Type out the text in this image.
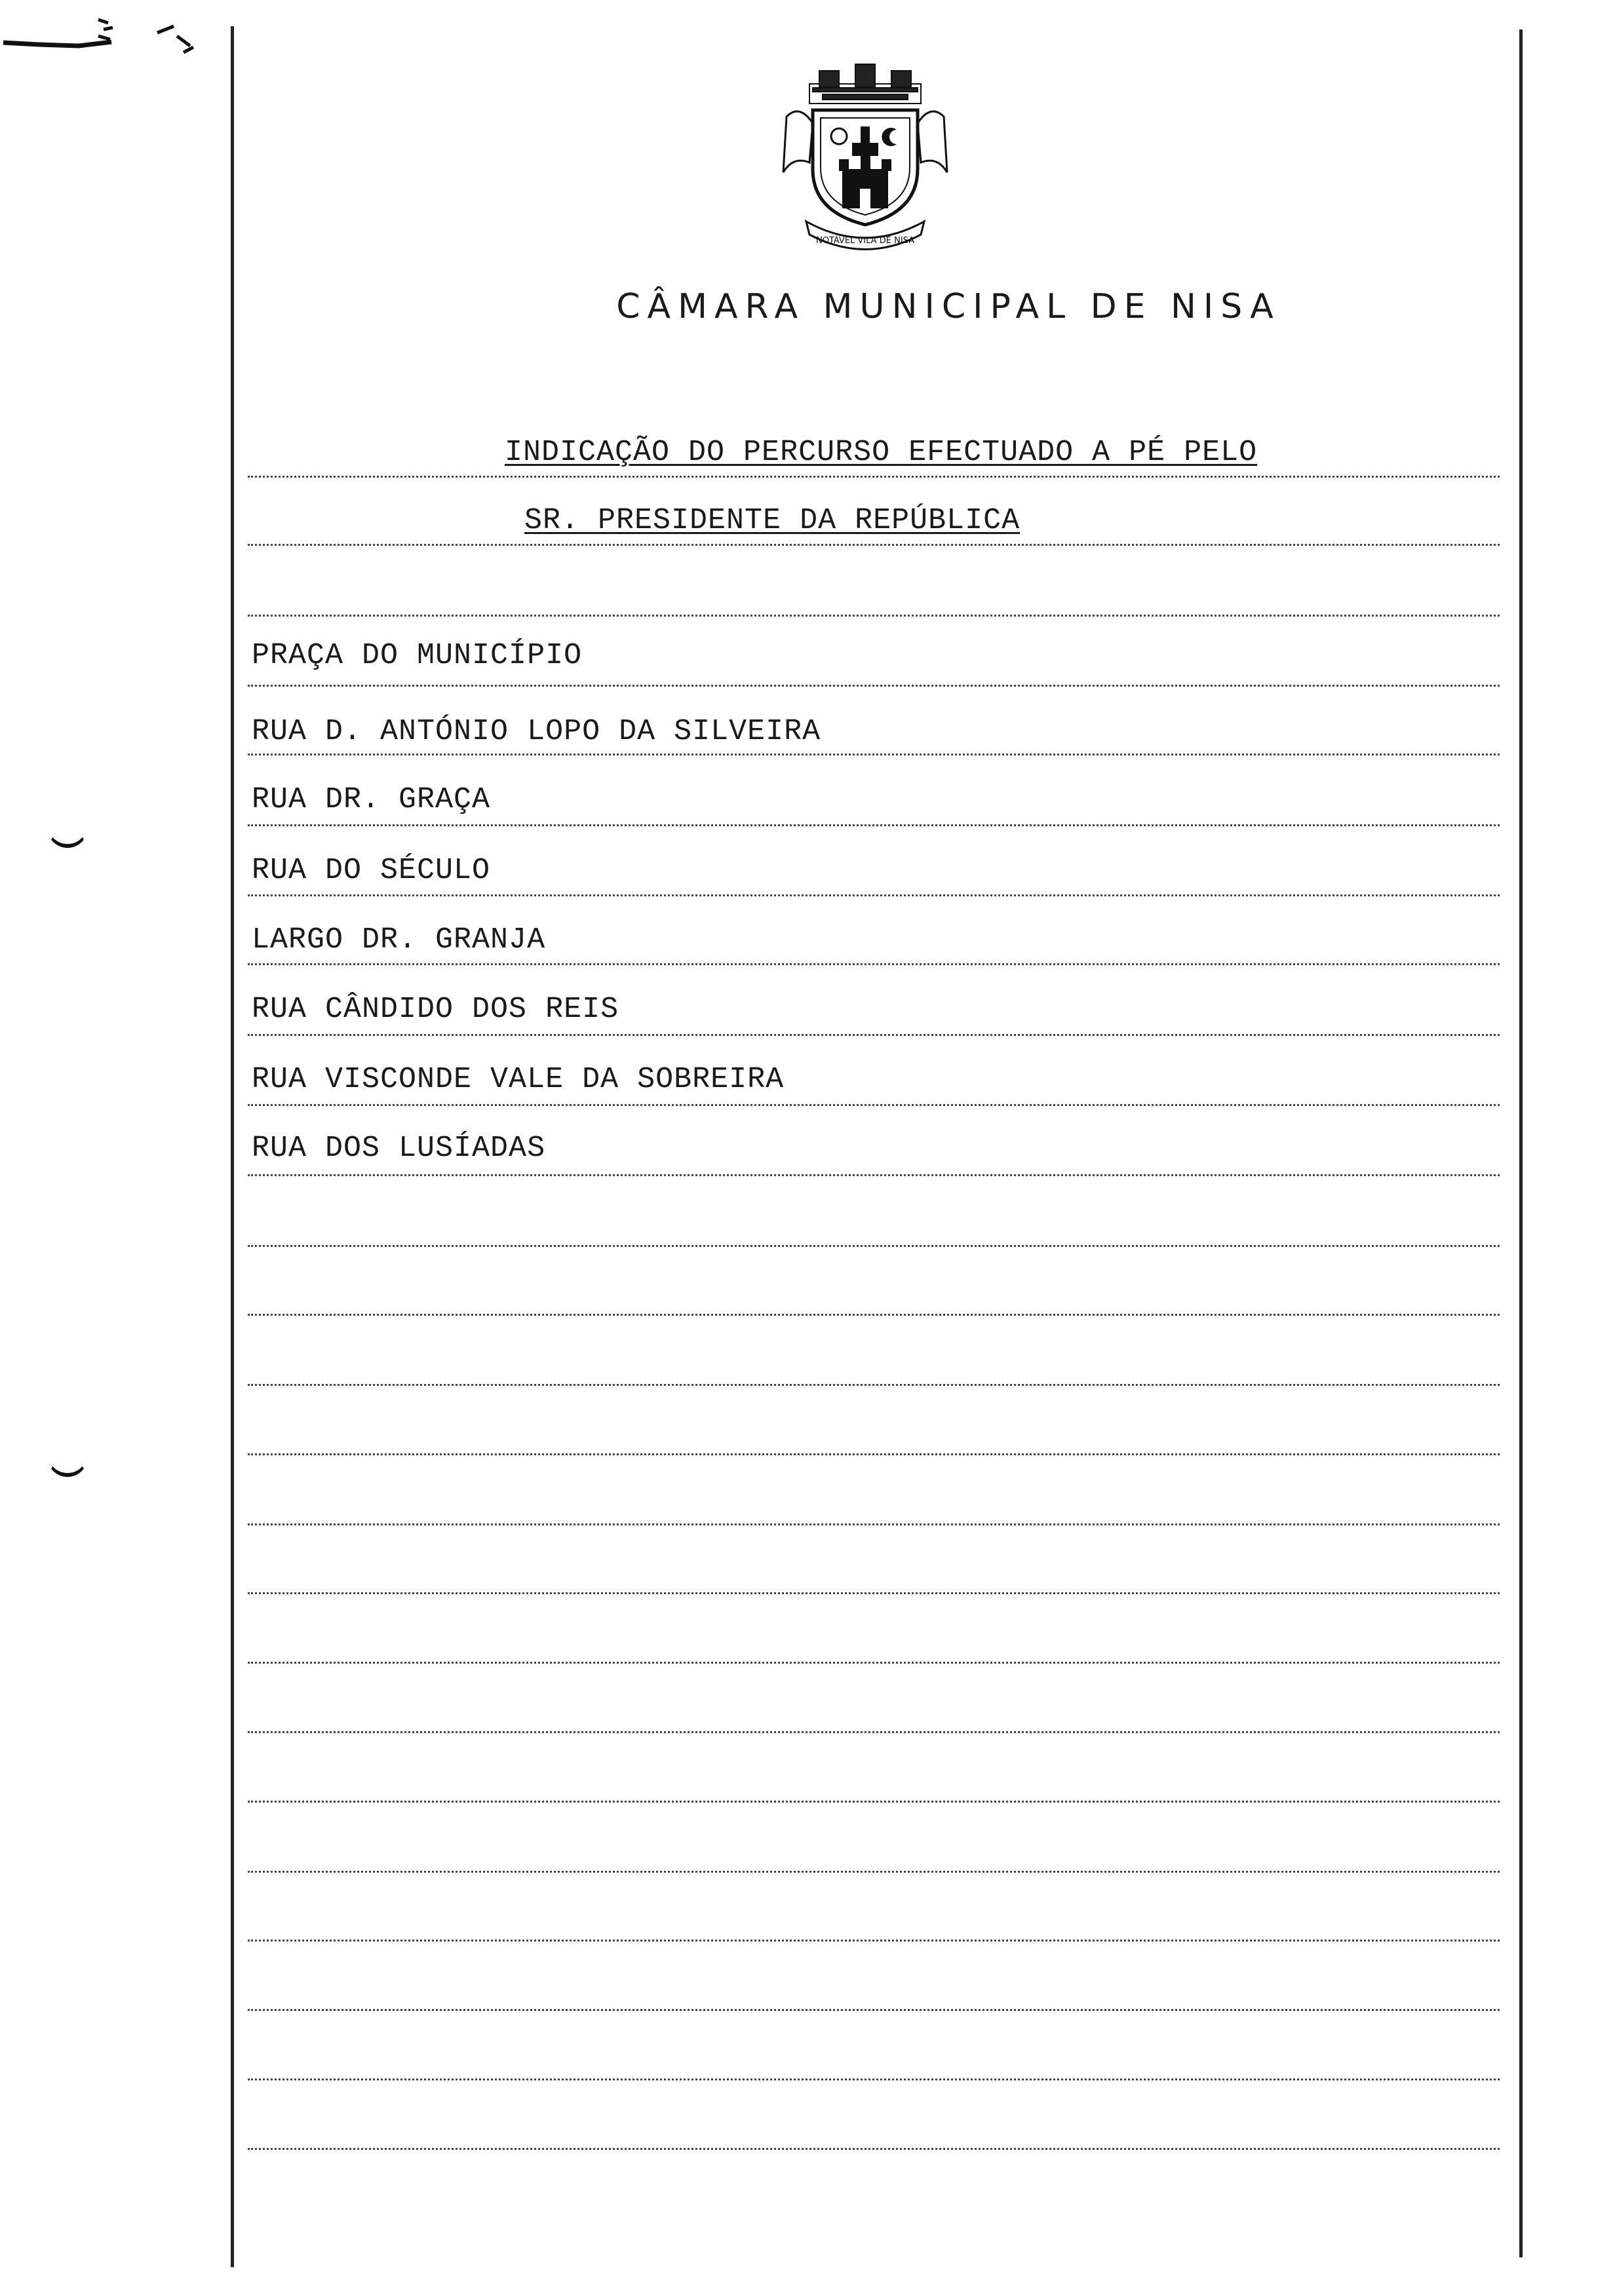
NOTÁVEL VILA DE NISA
CÂMARA MUNICIPAL DE NISA
INDICAÇÃO DO PERCURSO EFECTUADO A PÉ PELO
SR. PRESIDENTE DA REPÚBLICA
PRAÇA DO MUNICÍPIO
RUA D. ANTÓNIO LOPO DA SILVEIRA
RUA DR. GRAÇA
RUA DO SÉCULO
LARGO DR. GRANJA
RUA CÂNDIDO DOS REIS
RUA VISCONDE VALE DA SOBREIRA
RUA DOS LUSÍADAS
